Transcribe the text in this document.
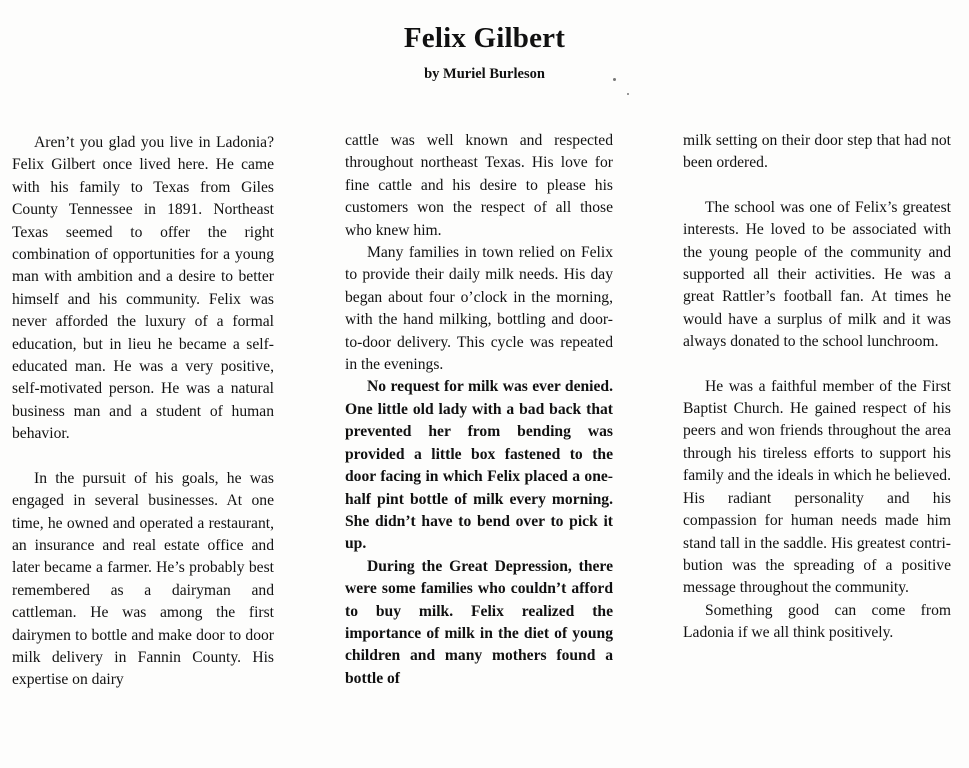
Felix Gilbert
by Muriel Burleson

Aren’t you glad you live in Ladonia? Felix Gilbert once lived here. He came with his family to Texas from Giles County Tennessee in 1891. Northeast Texas seemed to offer the right combination of opportunities for a young man with ambition and a desire to better himself and his community. Felix was never afforded the luxury of a formal education, but in lieu he became a self-educated man. He was a very positive, self-motivated person. He was a natural business man and a student of human behavior.

In the pursuit of his goals, he was engaged in several businesses. At one time, he owned and operated a restaurant, an insurance and real estate office and later became a farmer. He’s probably best remembered as a dairyman and cattleman. He was among the first dairymen to bottle and make door to door milk delivery in Fannin County. His expertise on dairy

cattle was well known and respected throughout northeast Texas. His love for fine cattle and his desire to please his customers won the respect of all those who knew him.

Many families in town relied on Felix to provide their daily milk needs. His day began about four o’clock in the morning, with the hand milking, bottling and door-to-door delivery. This cycle was repeated in the evenings.

No request for milk was ever denied. One little old lady with a bad back that prevented her from bending was provided a little box fastened to the door facing in which Felix placed a one-half pint bottle of milk every morning. She didn’t have to bend over to pick it up.

During the Great Depression, there were some families who couldn’t afford to buy milk. Felix realized the importance of milk in the diet of young children and many mothers found a bottle of

milk setting on their door step that had not been ordered.

The school was one of Felix’s greatest interests. He loved to be associated with the young people of the community and supported all their activities. He was a great Rattler’s football fan. At times he would have a surplus of milk and it was always donated to the school lunchroom.

He was a faithful member of the First Baptist Church. He gained respect of his peers and won friends throughout the area through his tireless efforts to support his family and the ideals in which he believed. His radiant personality and his compassion for human needs made him stand tall in the saddle. His greatest contribution was the spreading of a positive message throughout the community.

Something good can come from Ladonia if we all think positively.
